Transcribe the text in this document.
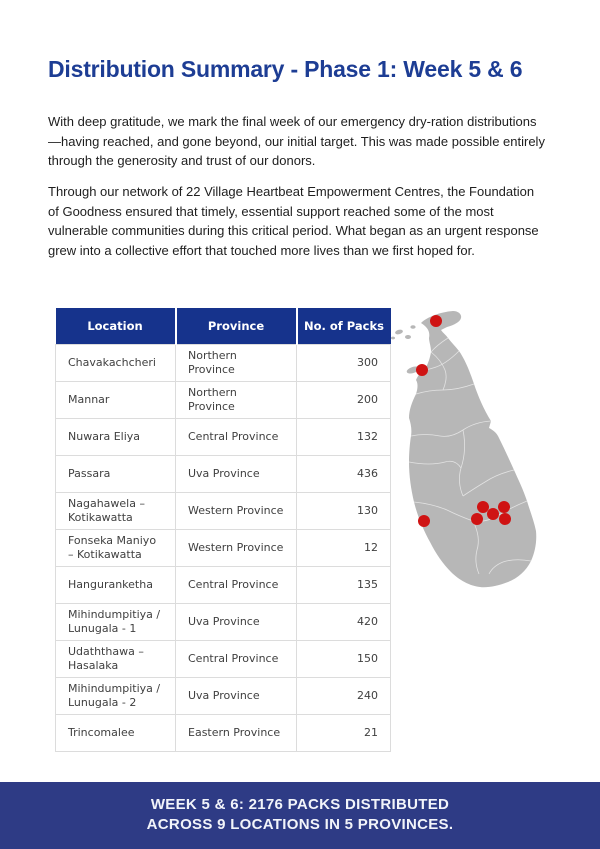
Distribution Summary - Phase 1: Week 5 & 6

With deep gratitude, we mark the final week of our emergency dry-ration distributions—having reached, and gone beyond, our initial target. This was made possible entirely through the generosity and trust of our donors.

Through our network of 22 Village Heartbeat Empowerment Centres, the Foundation of Goodness ensured that timely, essential support reached some of the most vulnerable communities during this critical period. What began as an urgent response grew into a collective effort that touched more lives than we first hoped for.

Location	Province	No. of Packs
Chavakachcheri	Northern Province	300
Mannar	Northern Province	200
Nuwara Eliya	Central Province	132
Passara	Uva Province	436
Nagahawela – Kotikawatta	Western Province	130
Fonseka Maniyo – Kotikawatta	Western Province	12
Hanguranketha	Central Province	135
Mihindumpitiya / Lunugala - 1	Uva Province	420
Udaththawa – Hasalaka	Central Province	150
Mihindumpitiya / Lunugala - 2	Uva Province	240
Trincomalee	Eastern Province	21
WEEK 5 & 6: 2176 PACKS DISTRIBUTED
ACROSS 9 LOCATIONS IN 5 PROVINCES.
